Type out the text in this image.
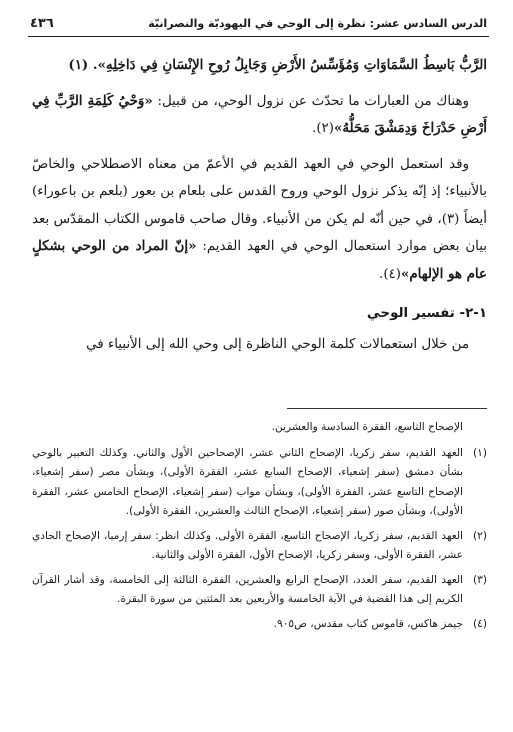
الدرس السادس عشر: نظرة إلى الوحي في اليهوديّة والنصرانيّة
٤٣٦

الرَّبُّ بَاسِطُ السَّمَاوَاتِ وَمُؤَسِّسُ الأَرْضِ وَجَابِلُ رُوحِ الإِنْسَانِ فِي دَاخِلِهِ». (١)

وهناك من العبارات ما تحدّث عن نزول الوحي، من قبيل: «وَحْيُ كَلِمَةِ الرَّبِّ فِي أَرْضِ حَدْرَاخَ وَدِمَشْقَ مَحَلُّهُ»(٢).

وقد استعمل الوحي في العهد القديم في الأعمّ من معناه الاصطلاحي والخاصّ بالأنبياء؛ إذ إنّه يذكر نزول الوحي وروح القدس على بلعام بن بعور (بلعم بن باعوراء) أيضاً (٣)، في حين أنّه لم يكن من الأنبياء. وقال صاحب قاموس الكتاب المقدّس بعد بيان بعض موارد استعمال الوحي في العهد القديم: «إنّ المراد من الوحي بشكلٍ عام هو الإلهام»(٤).

١-٢- تفسير الوحي

من خلال استعمالات كلمة الوحي الناظرة إلى وحي الله إلى الأنبياء في

الإصحاح التاسع، الفقرة السادسة والعشرين.
(١)
العهد القديم، سفر زكريا، الإصحاح الثاني عشر، الإصحاحين الأول والثاني. وكذلك التعبير بالوحي بشأن دمشق (سفر إشعياء، الإصحاح السابع عشر، الفقرة الأولى)، وبشأن مصر (سفر إشعياء، الإصحاح التاسع عشر، الفقرة الأولى)، وبشأن مواب (سفر إشعياء، الإصحاح الخامس عشر، الفقرة الأولى)، وبشأن صور (سفر إشعياء، الإصحاح الثالث والعشرين، الفقرة الأولى).
(٢)
العهد القديم، سفر زكريا، الإصحاح التاسع، الفقرة الأولى. وكذلك انظر: سفر إرميا، الإصحاح الحادي عشر، الفقرة الأولى، وسفر زكريا، الإصحاح الأول، الفقرة الأولى والثانية.
(٣)
العهد القديم، سفر العدد، الإصحاح الرابع والعشرين، الفقرة الثالثة إلى الخامسة، وقد أشار القرآن الكريم إلى هذا القضية في الآية الخامسة والأربعين بعد المئتين من سورة البقرة.
(٤)
جيمز هاكس، قاموس كتاب مقدس، ص٩٠٥.
